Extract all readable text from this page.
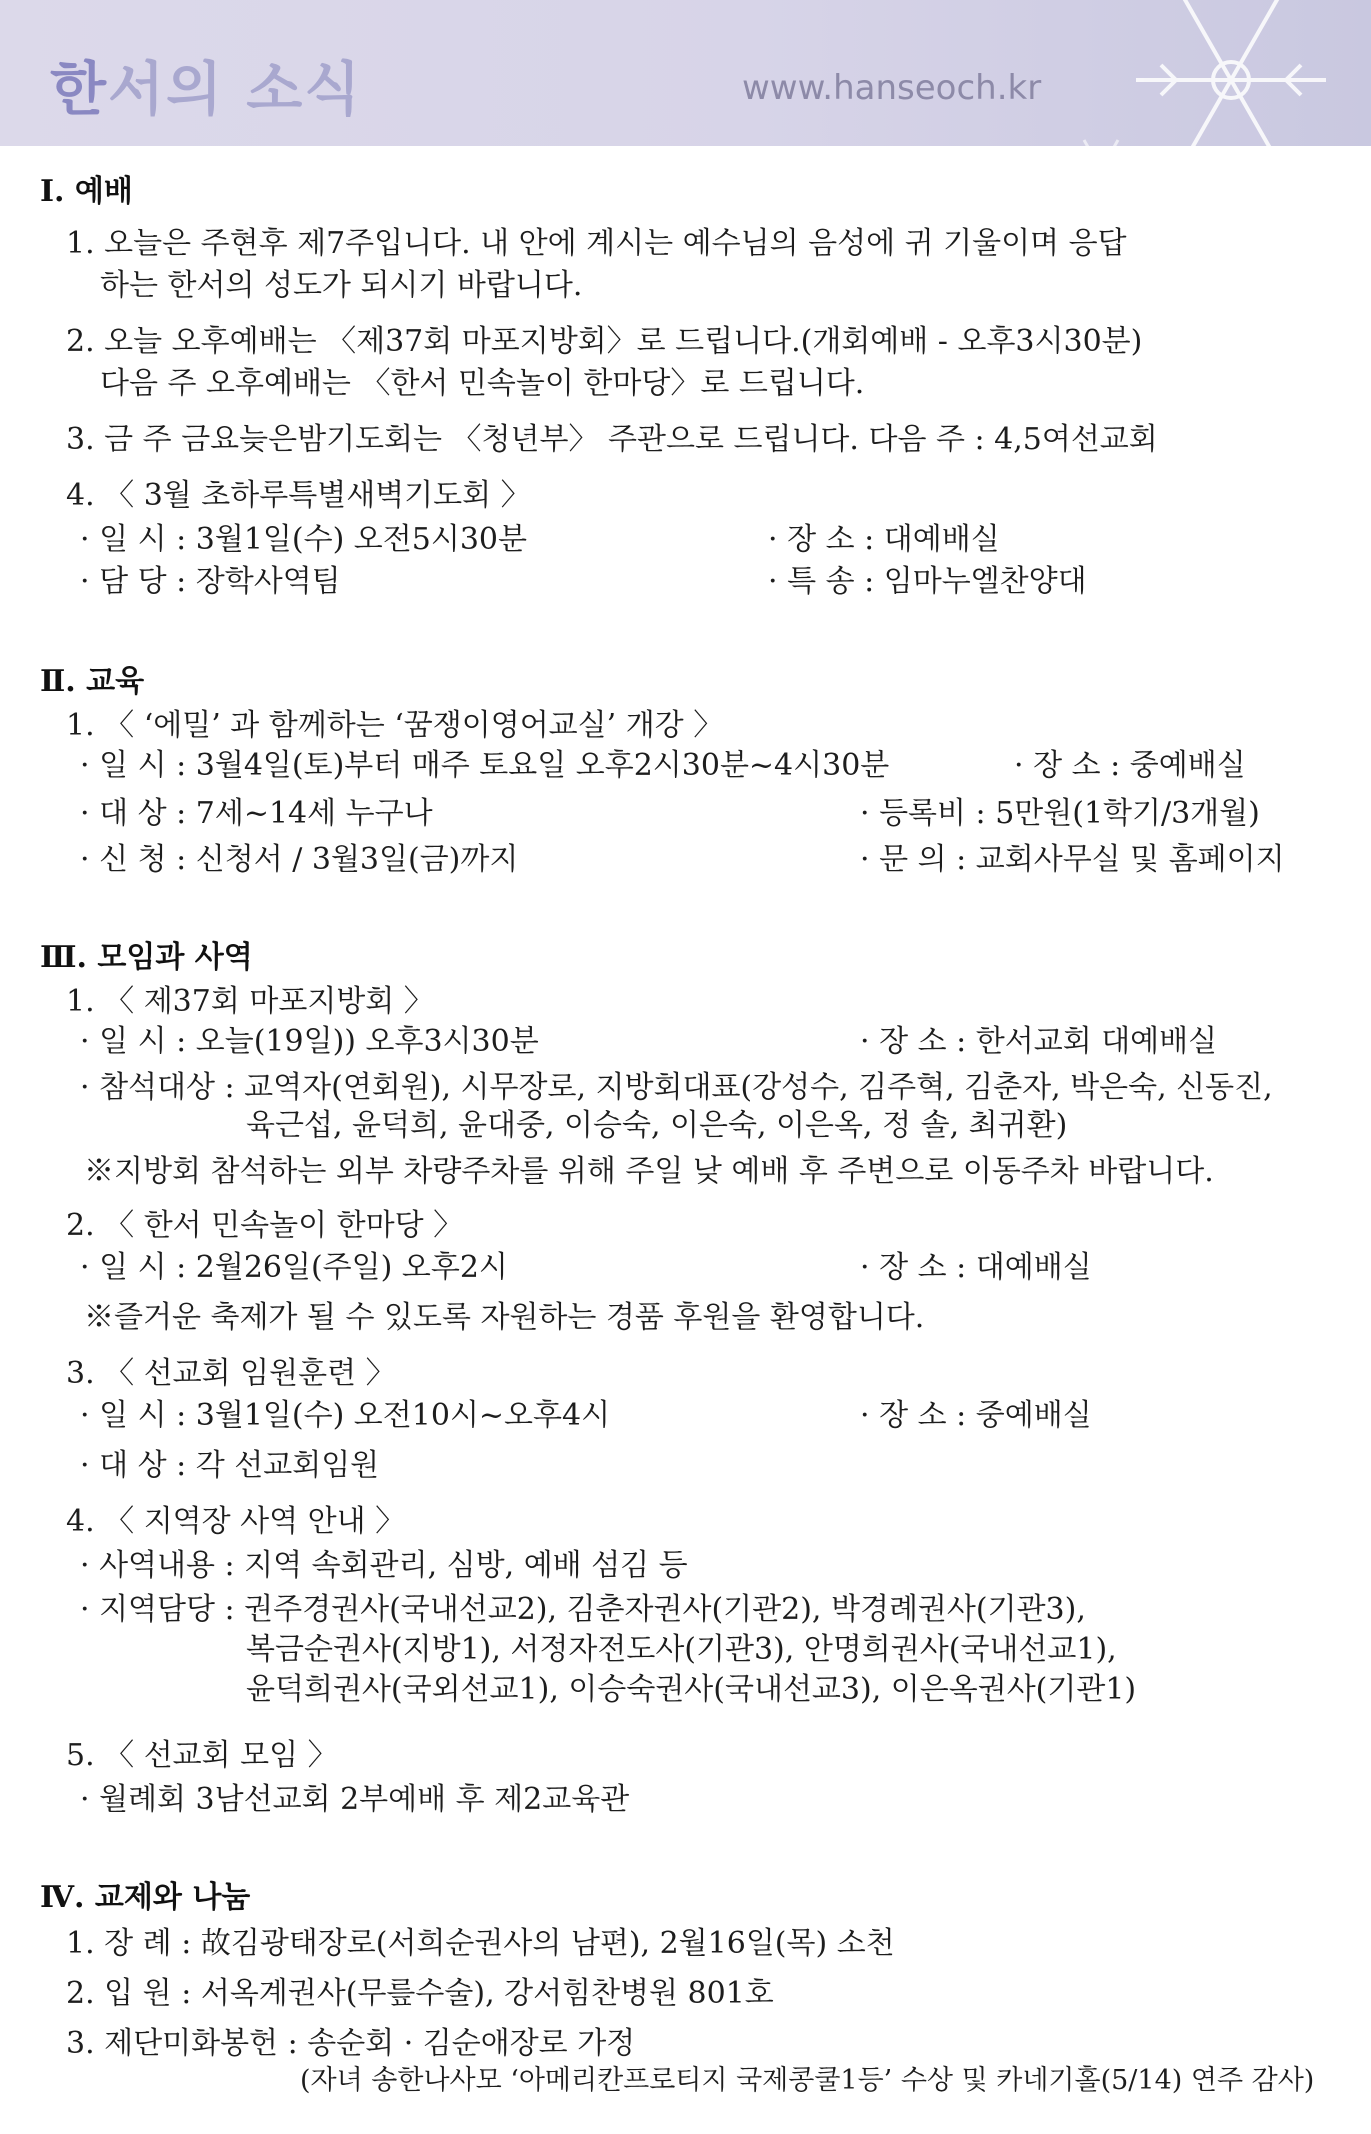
한서의 소식	www.hanseoch.kr
Ⅰ. 예배
1. 오늘은 주현후 제7주입니다. 내 안에 계시는 예수님의 음성에 귀 기울이며 응답
하는 한서의 성도가 되시기 바랍니다.
2. 오늘 오후예배는 〈제37회 마포지방회〉로 드립니다.(개회예배 - 오후3시30분)
다음 주 오후예배는 〈한서 민속놀이 한마당〉로 드립니다.
3. 금 주 금요늦은밤기도회는 〈청년부〉 주관으로 드립니다. 다음 주 : 4,5여선교회
4. 〈 3월 초하루특별새벽기도회 〉
· 일 시 : 3월1일(수) 오전5시30분	· 장 소 : 대예배실
· 담 당 : 장학사역팀	· 특 송 : 임마누엘찬양대
Ⅱ. 교육
1. 〈 ‘에밀’ 과 함께하는 ‘꿈쟁이영어교실’ 개강 〉
· 일 시 : 3월4일(토)부터 매주 토요일 오후2시30분~4시30분	· 장 소 : 중예배실
· 대 상 : 7세~14세 누구나	· 등록비 : 5만원(1학기/3개월)
· 신 청 : 신청서 / 3월3일(금)까지	· 문 의 : 교회사무실 및 홈페이지
Ⅲ. 모임과 사역
1. 〈 제37회 마포지방회 〉
· 일 시 : 오늘(19일)) 오후3시30분	· 장 소 : 한서교회 대예배실
· 참석대상 : 교역자(연회원), 시무장로, 지방회대표(강성수, 김주혁, 김춘자, 박은숙, 신동진,
육근섭, 윤덕희, 윤대중, 이승숙, 이은숙, 이은옥, 정 솔, 최귀환)
※지방회 참석하는 외부 차량주차를 위해 주일 낮 예배 후 주변으로 이동주차 바랍니다.
2. 〈 한서 민속놀이 한마당 〉
· 일 시 : 2월26일(주일) 오후2시	· 장 소 : 대예배실
※즐거운 축제가 될 수 있도록 자원하는 경품 후원을 환영합니다.
3. 〈 선교회 임원훈련 〉
· 일 시 : 3월1일(수) 오전10시~오후4시	· 장 소 : 중예배실
· 대 상 : 각 선교회임원
4. 〈 지역장 사역 안내 〉
· 사역내용 : 지역 속회관리, 심방, 예배 섬김 등
· 지역담당 : 권주경권사(국내선교2), 김춘자권사(기관2), 박경례권사(기관3),
복금순권사(지방1), 서정자전도사(기관3), 안명희권사(국내선교1),
윤덕희권사(국외선교1), 이승숙권사(국내선교3), 이은옥권사(기관1)
5. 〈 선교회 모임 〉
· 월례회 3남선교회 2부예배 후 제2교육관
Ⅳ. 교제와 나눔
1. 장 례 : 故김광태장로(서희순권사의 남편), 2월16일(목) 소천
2. 입 원 : 서옥계권사(무릎수술), 강서힘찬병원 801호
3. 제단미화봉헌 : 송순회 · 김순애장로 가정
(자녀 송한나사모 ‘아메리칸프로티지 국제콩쿨1등’ 수상 및 카네기홀(5/14) 연주 감사)
